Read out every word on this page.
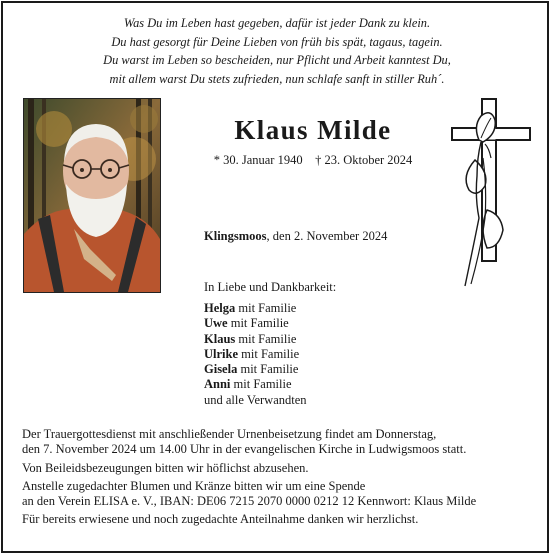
Was Du im Leben hast gegeben, dafür ist jeder Dank zu klein.
Du hast gesorgt für Deine Lieben von früh bis spät, tagaus, tagein.
Du warst im Leben so bescheiden, nur Pflicht und Arbeit kanntest Du,
mit allem warst Du stets zufrieden, nun schlafe sanft in stiller Ruh´.
Klaus Milde
* 30. Januar 1940    † 23. Oktober 2024
Klingsmoos, den 2. November 2024
In Liebe und Dankbarkeit:
Helga mit Familie
Uwe mit Familie
Klaus mit Familie
Ulrike mit Familie
Gisela mit Familie
Anni mit Familie
und alle Verwandten
Der Trauergottesdienst mit anschließender Urnenbeisetzung findet am Donnerstag,
den 7. November 2024 um 14.00 Uhr in der evangelischen Kirche in Ludwigsmoos statt.
Von Beileidsbezeugungen bitten wir höflichst abzusehen.
Anstelle zugedachter Blumen und Kränze bitten wir um eine Spende
an den Verein ELISA e. V., IBAN: DE06 7215 2070 0000 0212 12 Kennwort: Klaus Milde
Für bereits erwiesene und noch zugedachte Anteilnahme danken wir herzlichst.
